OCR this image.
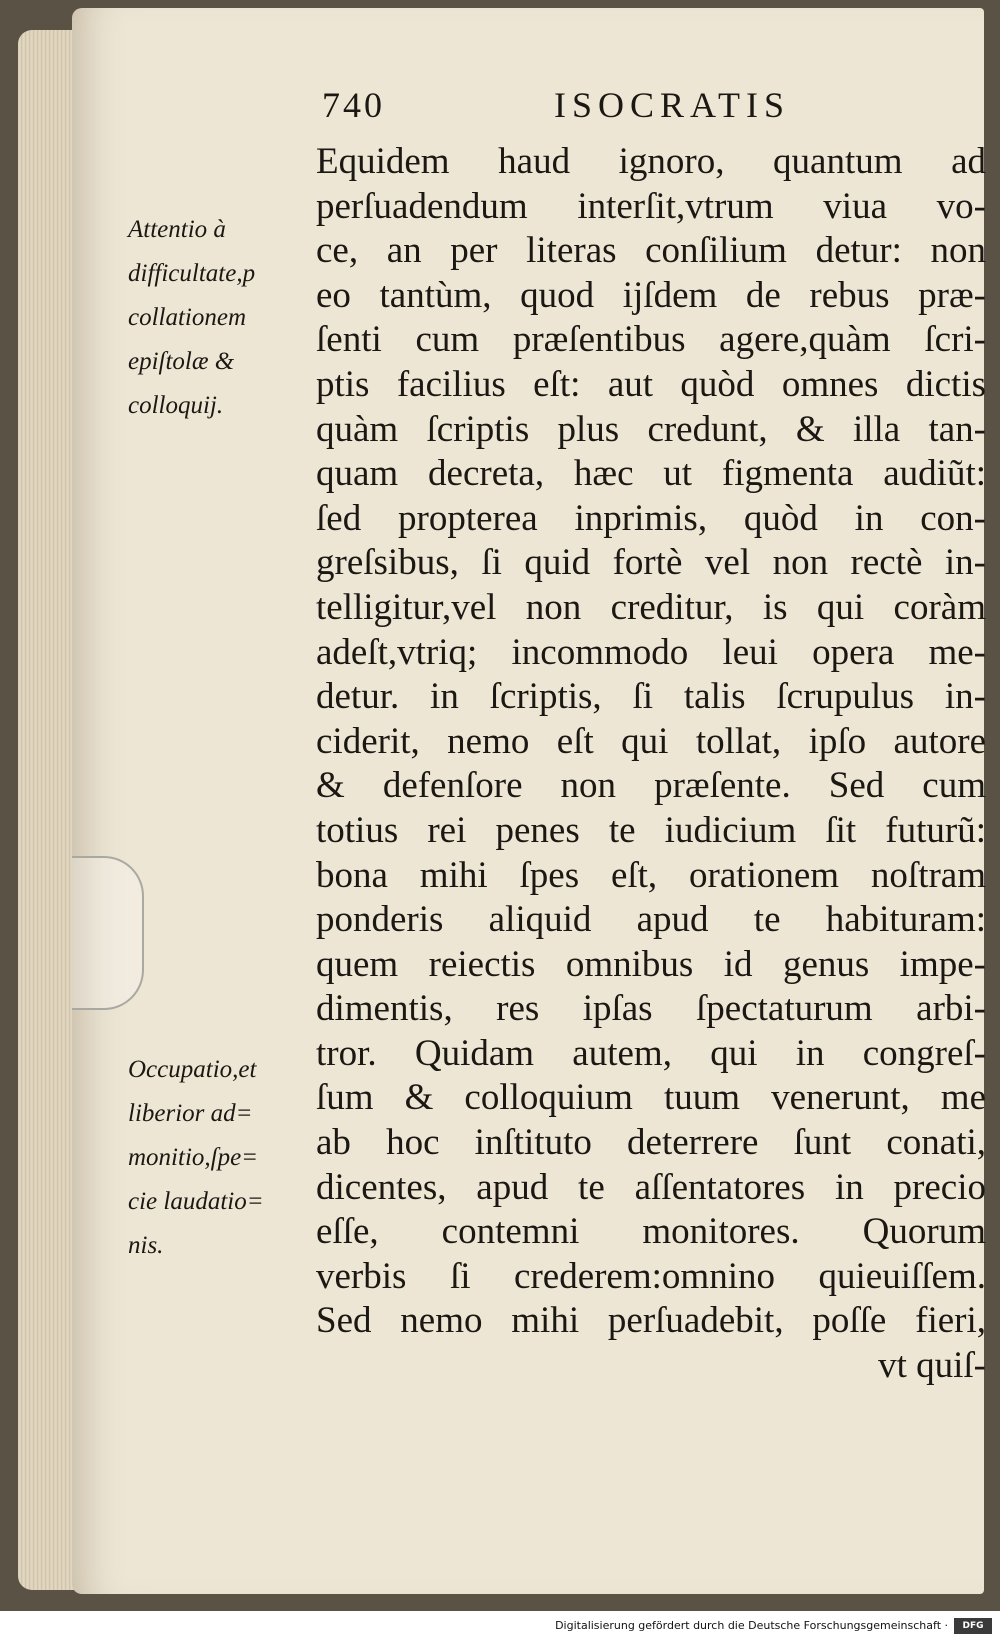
740	ISOCRATIS
Attentio à
difficultate,p
collationem
epiſtolæ &
colloquij.
Occupatio,et
liberior ad=
monitio,ſpe=
cie laudatio=
nis.
Equidem haud ignoro, quantum ad
perſuadendum interſit,vtrum viua vo-
ce, an per literas conſilium detur: non
eo tantùm, quod ijſdem de rebus præ-
ſenti cum præſentibus agere,quàm ſcri-
ptis facilius eſt: aut quòd omnes dictis
quàm ſcriptis plus credunt, & illa tan-
quam decreta, hæc ut figmenta audiũt:
ſed propterea inprimis, quòd in con-
greſsibus, ſi quid fortè vel non rectè in-
telligitur,vel non creditur, is qui coràm
adeſt,vtriq; incommodo leui opera me-
detur. in ſcriptis, ſi talis ſcrupulus in-
ciderit, nemo eſt qui tollat, ipſo autore
& defenſore non præſente. Sed cum
totius rei penes te iudicium ſit futurũ:
bona mihi ſpes eſt, orationem noſtram
ponderis aliquid apud te habituram:
quem reiectis omnibus id genus impe-
dimentis, res ipſas ſpectaturum arbi-
tror. Quidam autem, qui in congreſ-
ſum & colloquium tuum venerunt, me
ab hoc inſtituto deterrere ſunt conati,
dicentes, apud te aſſentatores in precio
eſſe, contemni monitores. Quorum
verbis ſi crederem:omnino quieuiſſem.
Sed nemo mihi perſuadebit, poſſe fieri,
vt quiſ-
Digitalisierung gefördert durch die Deutsche Forschungsgemeinschaft ·	DFG
